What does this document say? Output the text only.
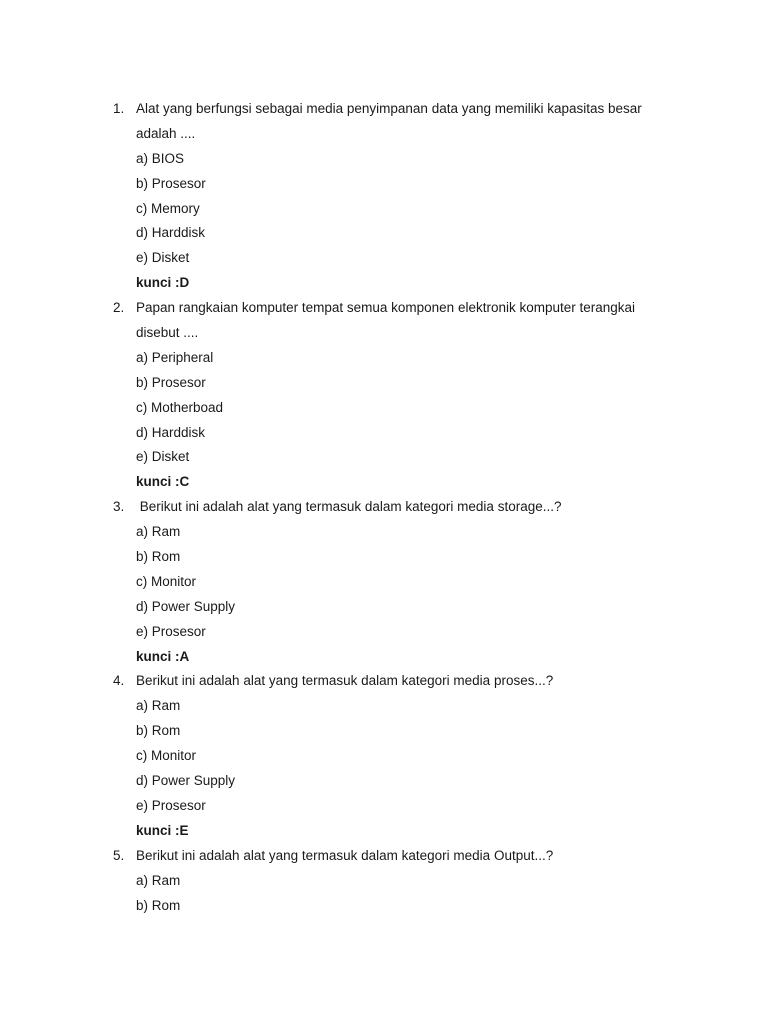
1. Alat yang berfungsi sebagai media penyimpanan data yang memiliki kapasitas besar
adalah ....
a) BIOS
b) Prosesor
c) Memory
d) Harddisk
e) Disket
kunci :D
2. Papan rangkaian komputer tempat semua komponen elektronik komputer terangkai
disebut ....
a) Peripheral
b) Prosesor
c) Motherboad
d) Harddisk
e) Disket
kunci :C
3. Berikut ini adalah alat yang termasuk dalam kategori media storage...?
a) Ram
b) Rom
c) Monitor
d) Power Supply
e) Prosesor
kunci :A
4. Berikut ini adalah alat yang termasuk dalam kategori media proses...?
a) Ram
b) Rom
c) Monitor
d) Power Supply
e) Prosesor
kunci :E
5. Berikut ini adalah alat yang termasuk dalam kategori media Output...?
a) Ram
b) Rom
